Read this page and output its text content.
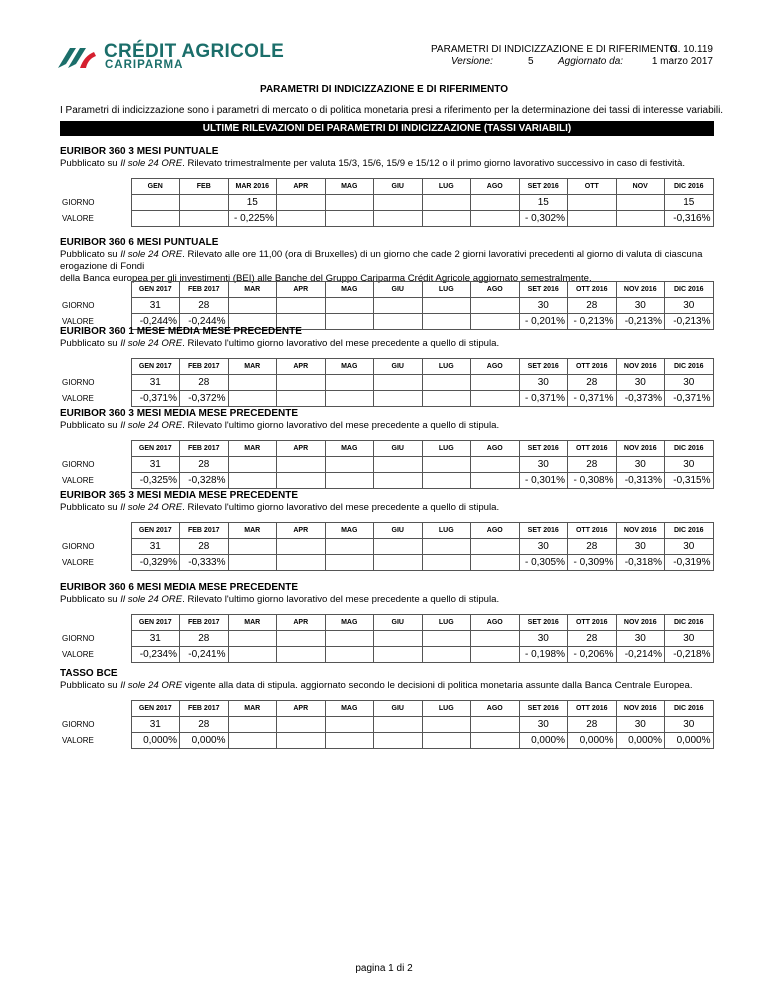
CRÉDIT AGRICOLE
CARIPARMA
PARAMETRI DI INDICIZZAZIONE E DI RIFERIMENTO
N. 10.119
Versione:	5 Aggiornato da:	1 marzo 2017
PARAMETRI DI INDICIZZAZIONE E DI RIFERIMENTO
I Parametri di indicizzazione sono i parametri di mercato o di politica monetaria presi a riferimento per la determinazione dei tassi di interesse variabili.
ULTIME RILEVAZIONI DEI PARAMETRI DI INDICIZZAZIONE (TASSI VARIABILI)
EURIBOR 360 3 MESI PUNTUALE
Pubblicato su Il sole 24 ORE. Rilevato trimestralmente per valuta 15/3, 15/6, 15/9 e 15/12 o il primo giorno lavorativo successivo in caso di festività.
	GEN	FEB	MAR 2016	APR	MAG	GIU	LUG	AGO	SET 2016	OTT	NOV	DIC 2016
GIORNO			15						15			15
VALORE			- 0,225%						- 0,302%			-0,316%
EURIBOR 360 6 MESI PUNTUALE
Pubblicato su Il sole 24 ORE. Rilevato alle ore 11,00 (ora di Bruxelles) di un giorno che cade 2 giorni lavorativi precedenti al giorno di valuta di ciascuna erogazione di Fondi
della Banca europea per gli investimenti (BEI) alle Banche del Gruppo Cariparma Crédit Agricole aggiornato semestralmente.
	GEN 2017	FEB 2017	MAR	APR	MAG	GIU	LUG	AGO	SET 2016	OTT 2016	NOV 2016	DIC 2016
GIORNO	31	28							30	28	30	30
VALORE	-0,244%	-0,244%							- 0,201%	- 0,213%	-0,213%	-0,213%
EURIBOR 360 1 MESE MEDIA MESE PRECEDENTE
Pubblicato su Il sole 24 ORE. Rilevato l'ultimo giorno lavorativo del mese precedente a quello di stipula.
	GEN 2017	FEB 2017	MAR	APR	MAG	GIU	LUG	AGO	SET 2016	OTT 2016	NOV 2016	DIC 2016
GIORNO	31	28							30	28	30	30
VALORE	-0,371%	-0,372%							- 0,371%	- 0,371%	-0,373%	-0,371%
EURIBOR 360 3 MESI MEDIA MESE PRECEDENTE
Pubblicato su Il sole 24 ORE. Rilevato l'ultimo giorno lavorativo del mese precedente a quello di stipula.
	GEN 2017	FEB 2017	MAR	APR	MAG	GIU	LUG	AGO	SET 2016	OTT 2016	NOV 2016	DIC 2016
GIORNO	31	28							30	28	30	30
VALORE	-0,325%	-0,328%							- 0,301%	- 0,308%	-0,313%	-0,315%
EURIBOR 365 3 MESI MEDIA MESE PRECEDENTE
Pubblicato su Il sole 24 ORE. Rilevato l'ultimo giorno lavorativo del mese precedente a quello di stipula.
	GEN 2017	FEB 2017	MAR	APR	MAG	GIU	LUG	AGO	SET 2016	OTT 2016	NOV 2016	DIC 2016
GIORNO	31	28							30	28	30	30
VALORE	-0,329%	-0,333%							- 0,305%	- 0,309%	-0,318%	-0,319%
EURIBOR 360 6 MESI MEDIA MESE PRECEDENTE
Pubblicato su Il sole 24 ORE. Rilevato l'ultimo giorno lavorativo del mese precedente a quello di stipula.
	GEN 2017	FEB 2017	MAR	APR	MAG	GIU	LUG	AGO	SET 2016	OTT 2016	NOV 2016	DIC 2016
GIORNO	31	28							30	28	30	30
VALORE	-0,234%	-0,241%							- 0,198%	- 0,206%	-0,214%	-0,218%
TASSO BCE
Pubblicato su Il sole 24 ORE vigente alla data di stipula. aggiornato secondo le decisioni di politica monetaria assunte dalla Banca Centrale Europea.
	GEN 2017	FEB 2017	MAR	APR	MAG	GIU	LUG	AGO	SET 2016	OTT 2016	NOV 2016	DIC 2016
GIORNO	31	28							30	28	30	30
VALORE	0,000%	0,000%							0,000%	0,000%	0,000%	0,000%
pagina 1 di 2
